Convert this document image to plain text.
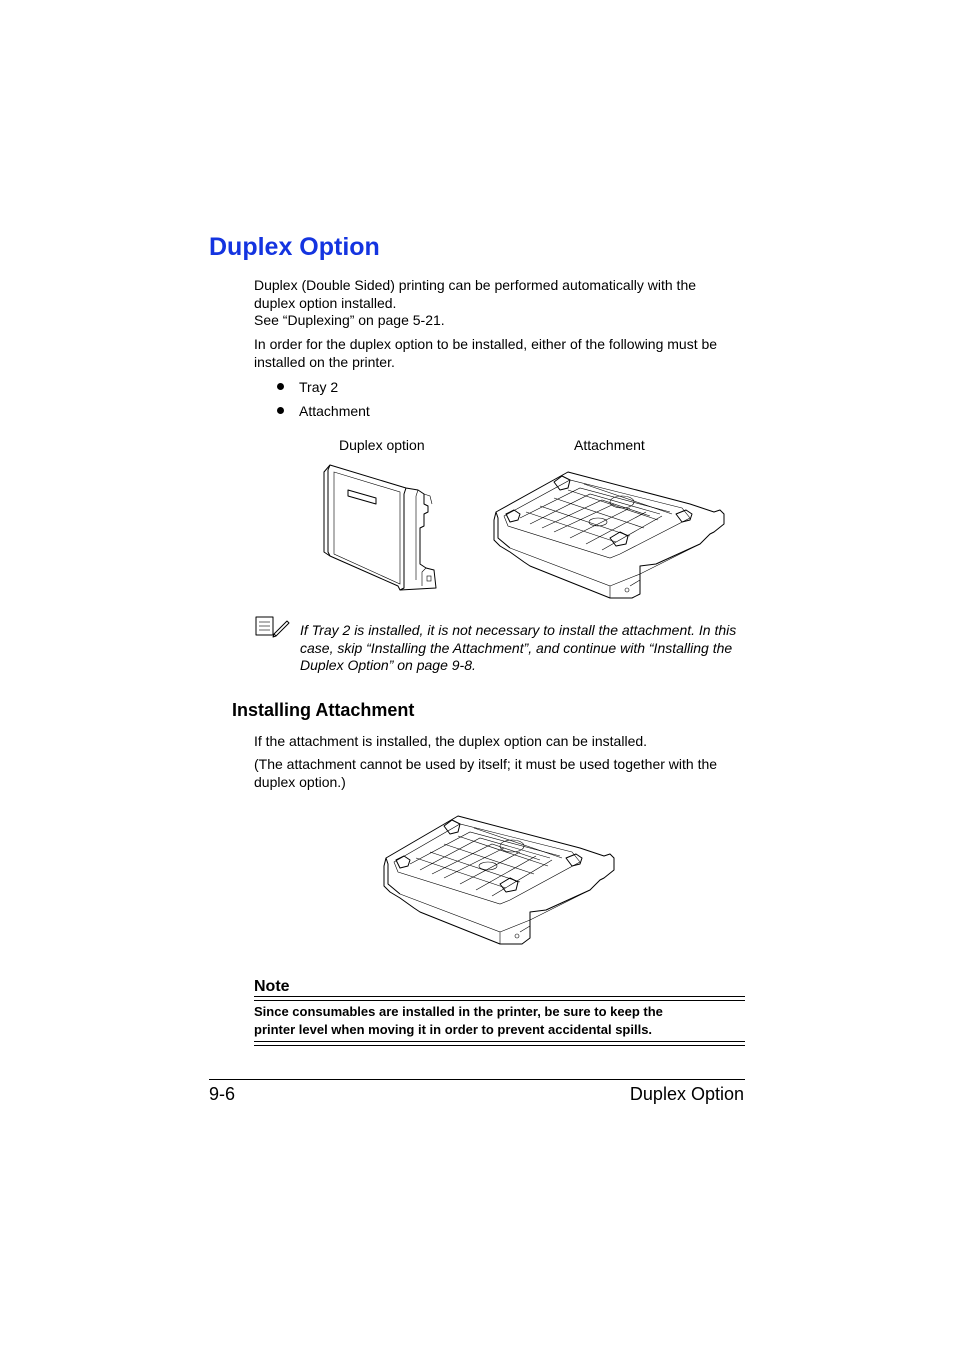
Duplex Option
Duplex (Double Sided) printing can be performed automatically with the
duplex option installed.
See “Duplexing” on page 5-21.
In order for the duplex option to be installed, either of the following must be
installed on the printer.
Tray 2
Attachment
Duplex option	Attachment
If Tray 2 is installed, it is not necessary to install the attachment. In this
case, skip “Installing the Attachment”, and continue with “Installing the
Duplex Option” on page 9-8.
Installing Attachment
If the attachment is installed, the duplex option can be installed.
(The attachment cannot be used by itself; it must be used together with the
duplex option.)
Note
Since consumables are installed in the printer, be sure to keep the
printer level when moving it in order to prevent accidental spills.
9-6	Duplex Option
